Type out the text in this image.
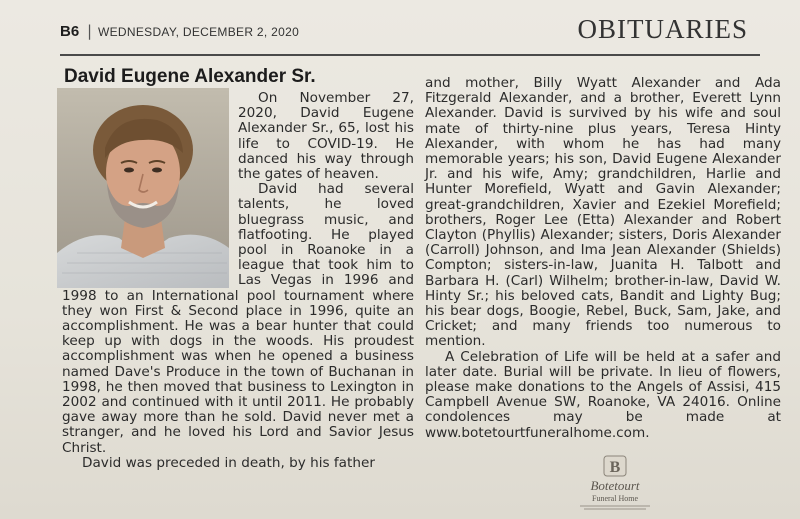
B6 | WEDNESDAY, DECEMBER 2, 2020	OBITUARIES
David Eugene Alexander Sr.

On November 27, 2020, David Eugene Alexander Sr., 65, lost his life to COVID-19. He danced his way through the gates of heaven.

David had several talents, he loved bluegrass music, and flatfooting. He played pool in Roanoke in a league that took him to Las Vegas in 1996 and 1998 to an International pool tournament where they won First & Second place in 1996, quite an accomplishment. He was a bear hunter that could keep up with dogs in the woods. His proudest accomplishment was when he opened a business named Dave's Produce in the town of Buchanan in 1998, he then moved that business to Lexington in 2002 and continued with it until 2011. He probably gave away more than he sold. David never met a stranger, and he loved his Lord and Savior Jesus Christ.

David was preceded in death, by his father

and mother, Billy Wyatt Alexander and Ada Fitzgerald Alexander, and a brother, Everett Lynn Alexander. David is survived by his wife and soul mate of thirty-nine plus years, Teresa Hinty Alexander, with whom he has had many memorable years; his son, David Eugene Alexander Jr. and his wife, Amy; grandchildren, Harlie and Hunter Morefield, Wyatt and Gavin Alexander; great-grandchildren, Xavier and Ezekiel Morefield; brothers, Roger Lee (Etta) Alexander and Robert Clayton (Phyllis) Alexander; sisters, Doris Alexander (Carroll) Johnson, and Ima Jean Alexander (Shields) Compton; sisters-in-law, Juanita H. Talbott and Barbara H. (Carl) Wilhelm; brother-in-law, David W. Hinty Sr.; his beloved cats, Bandit and Lighty Bug; his bear dogs, Boogie, Rebel, Buck, Sam, Jake, and Cricket; and many friends too numerous to mention.

A Celebration of Life will be held at a safer and later date. Burial will be private. In lieu of flowers, please make donations to the Angels of Assisi, 415 Campbell Avenue SW, Roanoke, VA 24016. Online condolences may be made at www.botetourtfuneralhome.com.

B
Botetourt
Funeral Home
